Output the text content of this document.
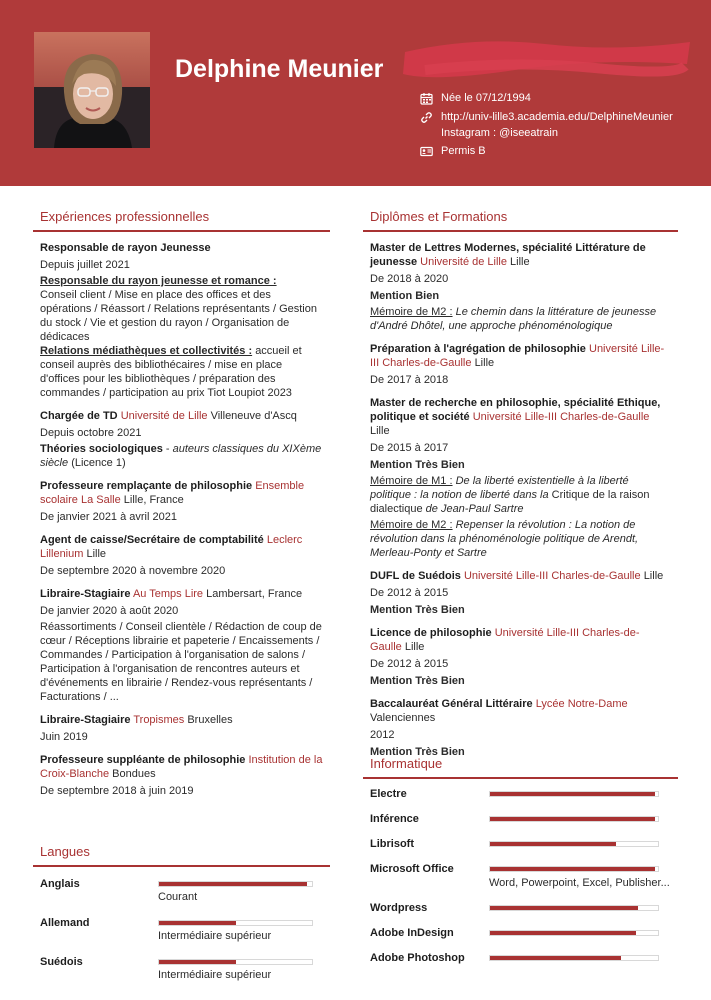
Delphine Meunier
Née le 07/12/1994
http://univ-lille3.academia.edu/DelphineMeunier
Instagram : @iseeatrain
Permis B
Expériences professionnelles
Responsable de rayon Jeunesse
Depuis juillet 2021
Responsable du rayon jeunesse et romance :
Conseil client / Mise en place des offices et des opérations / Réassort / Relations représentants / Gestion du stock / Vie et gestion du rayon / Organisation de dédicaces
Relations médiathèques et collectivités : accueil et conseil auprès des bibliothécaires / mise en place d'offices pour les bibliothèques / préparation des commandes / participation au prix Tiot Loupiot 2023
Chargée de TD Université de Lille Villeneuve d'Ascq
Depuis octobre 2021
Théories sociologiques - auteurs classiques du XIXème siècle (Licence 1)
Professeure remplaçante de philosophie Ensemble scolaire La Salle Lille, France
De janvier 2021 à avril 2021
Agent de caisse/Secrétaire de comptabilité Leclerc Lillenium Lille
De septembre 2020 à novembre 2020
Libraire-Stagiaire Au Temps Lire Lambersart, France
De janvier 2020 à août 2020
Réassortiments / Conseil clientèle / Rédaction de coup de cœur / Réceptions librairie et papeterie / Encaissements / Commandes / Participation à l'organisation de salons / Participation à l'organisation de rencontres auteurs et d'événements en librairie / Rendez-vous représentants / Facturations / ...
Libraire-Stagiaire Tropismes Bruxelles
Juin 2019
Professeure suppléante de philosophie Institution de la Croix-Blanche Bondues
De septembre 2018 à juin 2019
Diplômes et Formations
Master de Lettres Modernes, spécialité Littérature de jeunesse Université de Lille Lille
De 2018 à 2020
Mention Bien
Mémoire de M2 : Le chemin dans la littérature de jeunesse d'André Dhôtel, une approche phénoménologique
Préparation à l'agrégation de philosophie Université Lille-III Charles-de-Gaulle Lille
De 2017 à 2018
Master de recherche en philosophie, spécialité Ethique, politique et société Université Lille-III Charles-de-Gaulle Lille
De 2015 à 2017
Mention Très Bien
Mémoire de M1 : De la liberté existentielle à la liberté politique : la notion de liberté dans la Critique de la raison dialectique de Jean-Paul Sartre
Mémoire de M2 : Repenser la révolution : La notion de révolution dans la phénoménologie politique de Arendt, Merleau-Ponty et Sartre
DUFL de Suédois Université Lille-III Charles-de-Gaulle Lille
De 2012 à 2015
Mention Très Bien
Licence de philosophie Université Lille-III Charles-de-Gaulle Lille
De 2012 à 2015
Mention Très Bien
Baccalauréat Général Littéraire Lycée Notre-Dame Valenciennes
2012
Mention Très Bien
Langues
Anglais
Courant
Allemand
Intermédiaire supérieur
Suédois
Intermédiaire supérieur
Informatique
Electre
Inférence
Librisoft
Microsoft Office
Word, Powerpoint, Excel, Publisher...
Wordpress
Adobe InDesign
Adobe Photoshop
